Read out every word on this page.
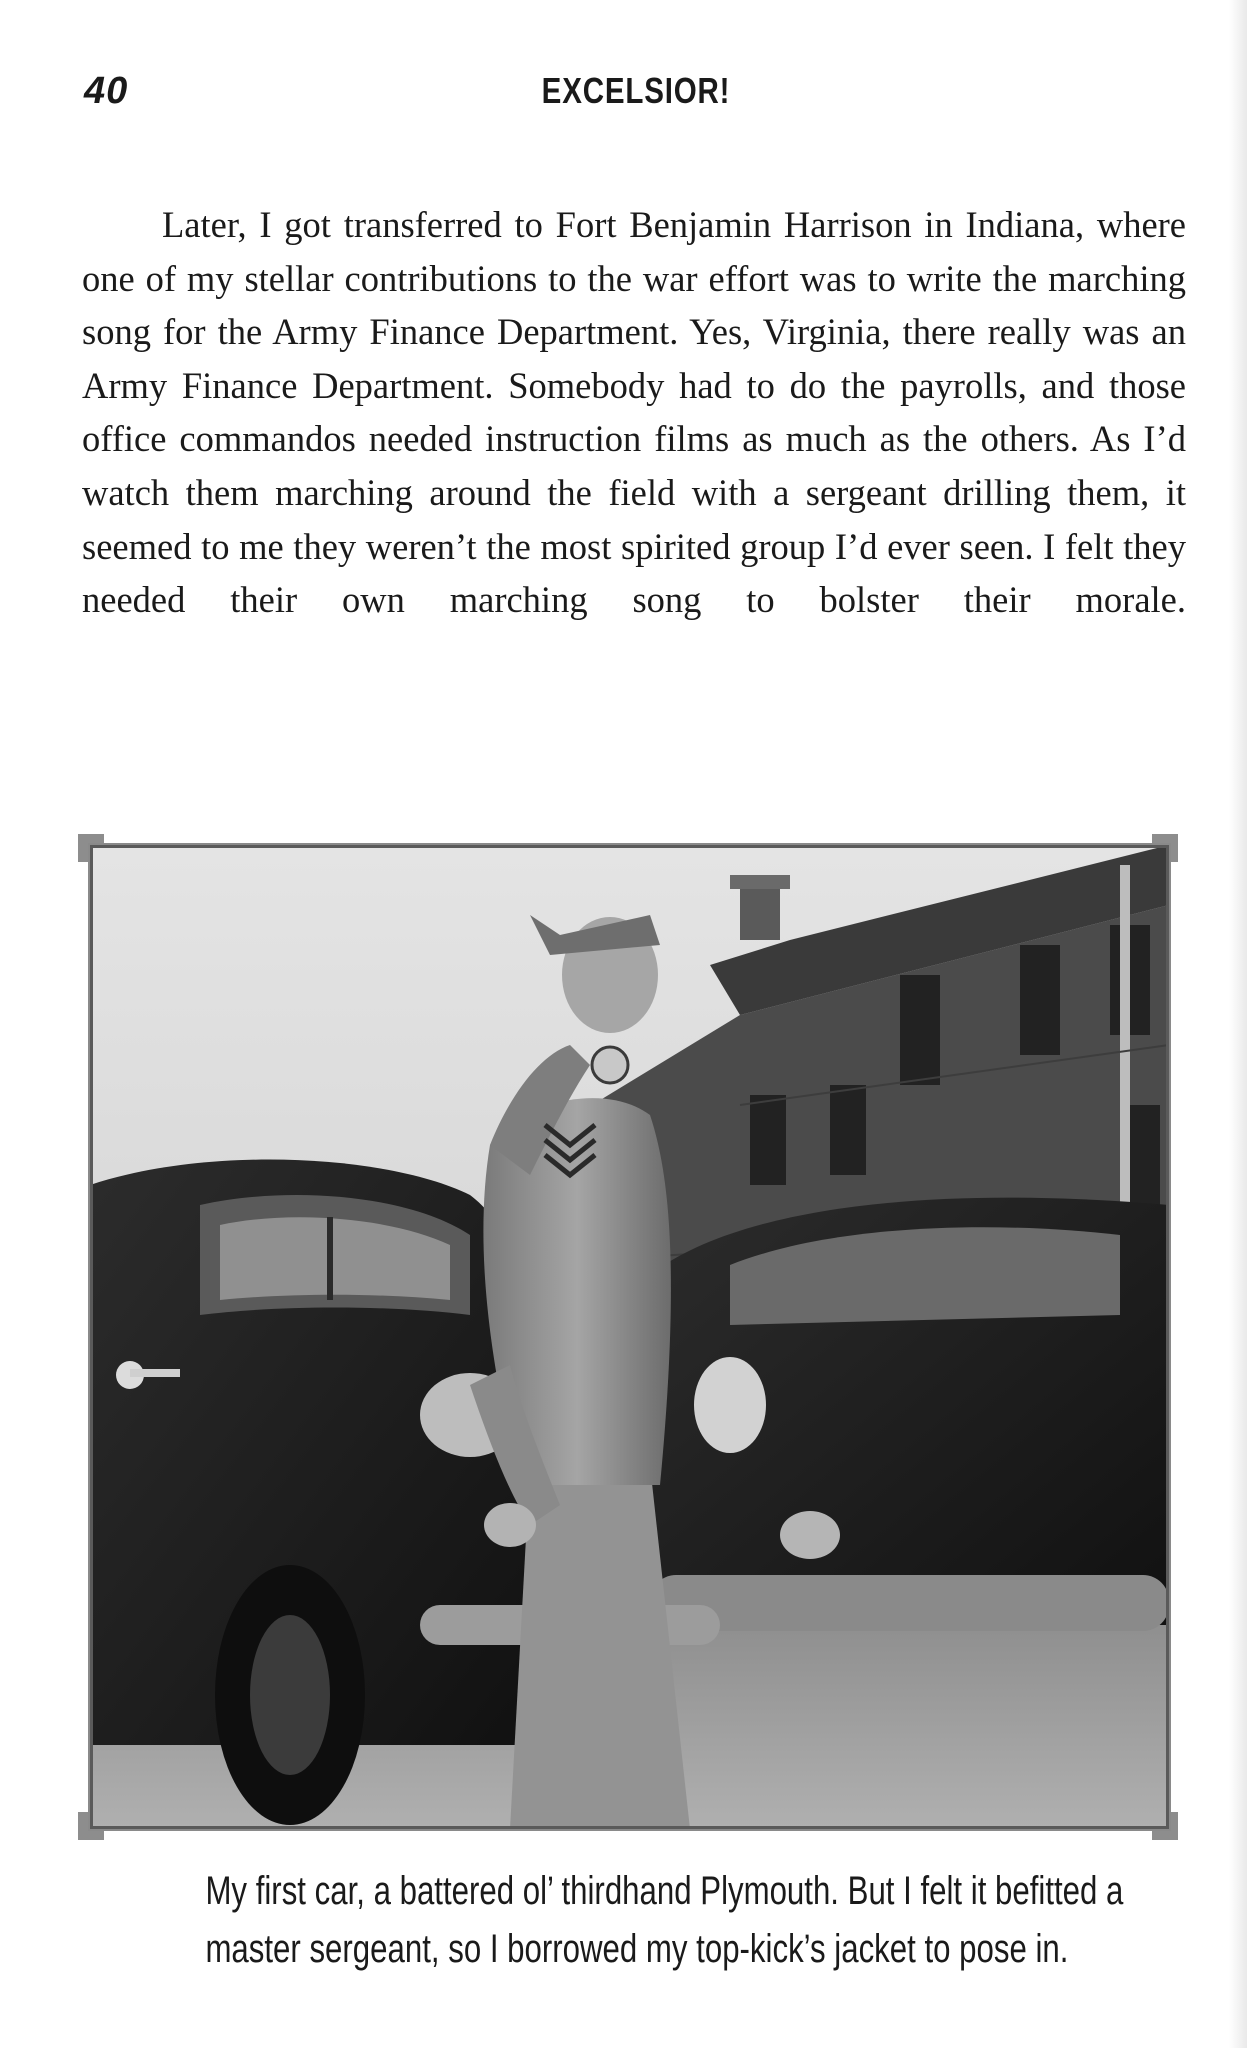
40	EXCELSIOR!

Later, I got transferred to Fort Benjamin Harrison in Indiana, where one of my stellar contributions to the war effort was to write the marching song for the Army Finance Department. Yes, Virginia, there really was an Army Finance Department. Somebody had to do the payrolls, and those office commandos needed instruction films as much as the others. As I’d watch them marching around the field with a sergeant drilling them, it seemed to me they weren’t the most spirited group I’d ever seen. I felt they needed their own marching song to bolster their morale.

My first car, a battered ol’ thirdhand Plymouth. But I felt it befitted a
master sergeant, so I borrowed my top-kick’s jacket to pose in.
